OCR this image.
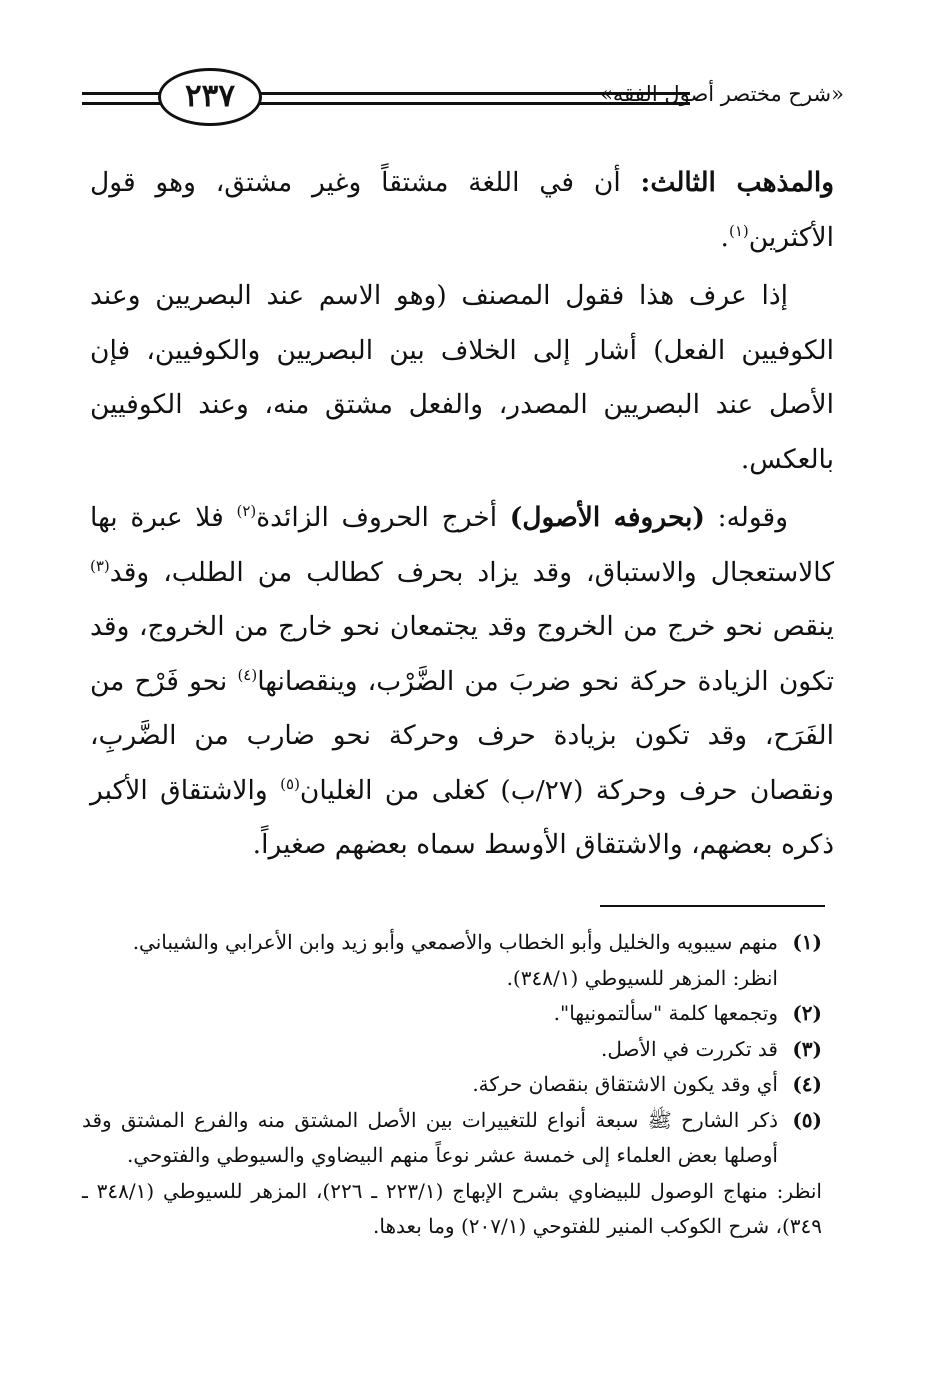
٢٣٧	«شرح مختصر أصول الفقه»

والمذهب الثالث: أن في اللغة مشتقاً وغير مشتق، وهو قول الأكثرين$^{(١)}$.

إذا عرف هذا فقول المصنف (وهو الاسم عند البصريين وعند الكوفيين الفعل) أشار إلى الخلاف بين البصريين والكوفيين، فإن الأصل عند البصريين المصدر، والفعل مشتق منه، وعند الكوفيين بالعكس.

وقوله: (بحروفه الأصول) أخرج الحروف الزائدة$^{(٢)}$ فلا عبرة بها كالاستعجال والاستباق، وقد يزاد بحرف كطالب من الطلب، وقد$^{(٣)}$ ينقص نحو خرج من الخروج وقد يجتمعان نحو خارج من الخروج، وقد تكون الزيادة حركة نحو ضربَ من الضَّرْب، وينقصانها$^{(٤)}$ نحو فَرْح من الفَرَح، وقد تكون بزيادة حرف وحركة نحو ضارب من الضَّربِ، ونقصان حرف وحركة (٢٧/ب) كغلى من الغليان$^{(٥)}$ والاشتقاق الأكبر ذكره بعضهم، والاشتقاق الأوسط سماه بعضهم صغيراً.

(١)
منهم سيبويه والخليل وأبو الخطاب والأصمعي وأبو زيد وابن الأعرابي والشيباني.
انظر: المزهر للسيوطي (٣٤٨/١).
(٢)
وتجمعها كلمة "سألتمونيها".
(٣)
قد تكررت في الأصل.
(٤)
أي وقد يكون الاشتقاق بنقصان حركة.
(٥)
ذكر الشارح ﷺ سبعة أنواع للتغييرات بين الأصل المشتق منه والفرع المشتق وقد أوصلها بعض العلماء إلى خمسة عشر نوعاً منهم البيضاوي والسيوطي والفتوحي.
انظر: منهاج الوصول للبيضاوي بشرح الإبهاج (٢٢٣/١ ـ ٢٢٦)، المزهر للسيوطي (٣٤٨/١ ـ ٣٤٩)، شرح الكوكب المنير للفتوحي (٢٠٧/١) وما بعدها.
